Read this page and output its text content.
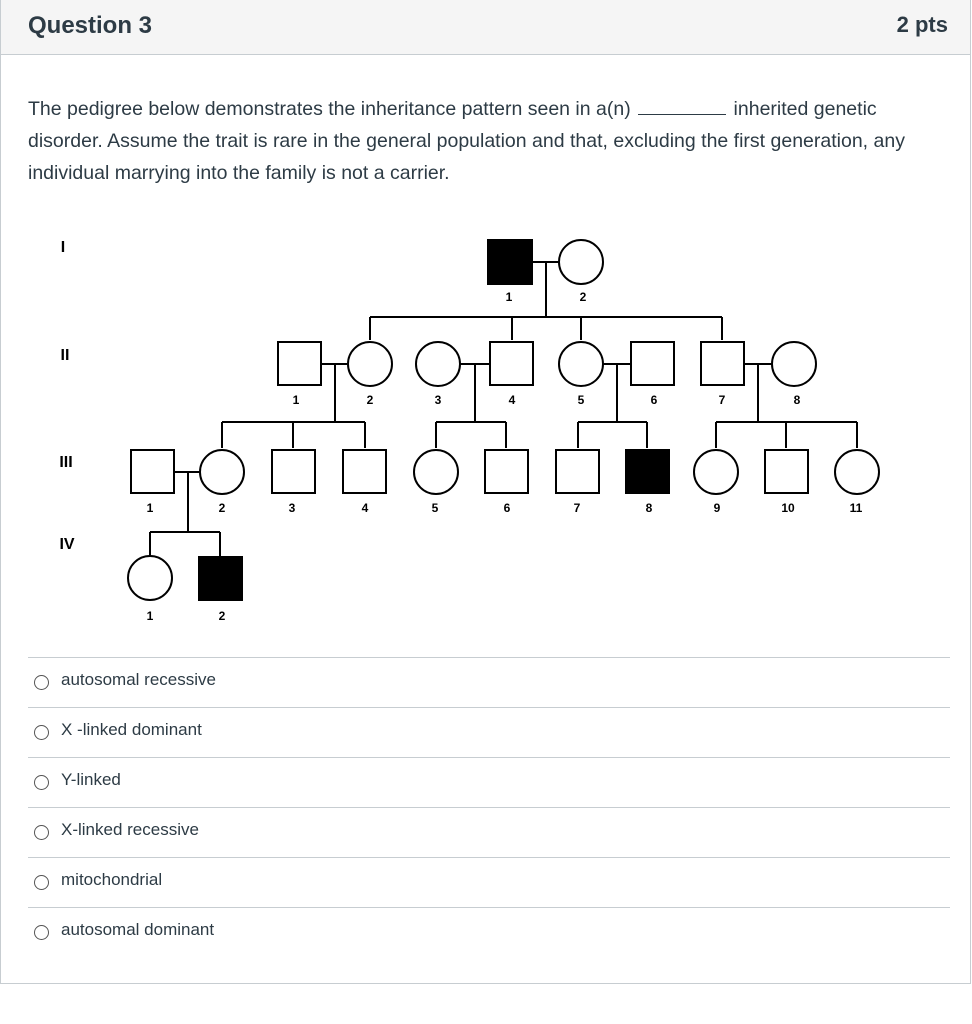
Question 3	2 pts
The pedigree below demonstrates the inheritance pattern seen in a(n)	inherited genetic disorder. Assume the trait is rare in the general population and that, excluding the first generation, any individual marrying into the family is not a carrier.
I
II
III
IV
1	2
1	2	3	4	5	6	7	8
1	2	3	4	5	6	7	8	9	10	11
1	2
autosomal recessive
X -linked dominant
Y-linked
X-linked recessive
mitochondrial
autosomal dominant
